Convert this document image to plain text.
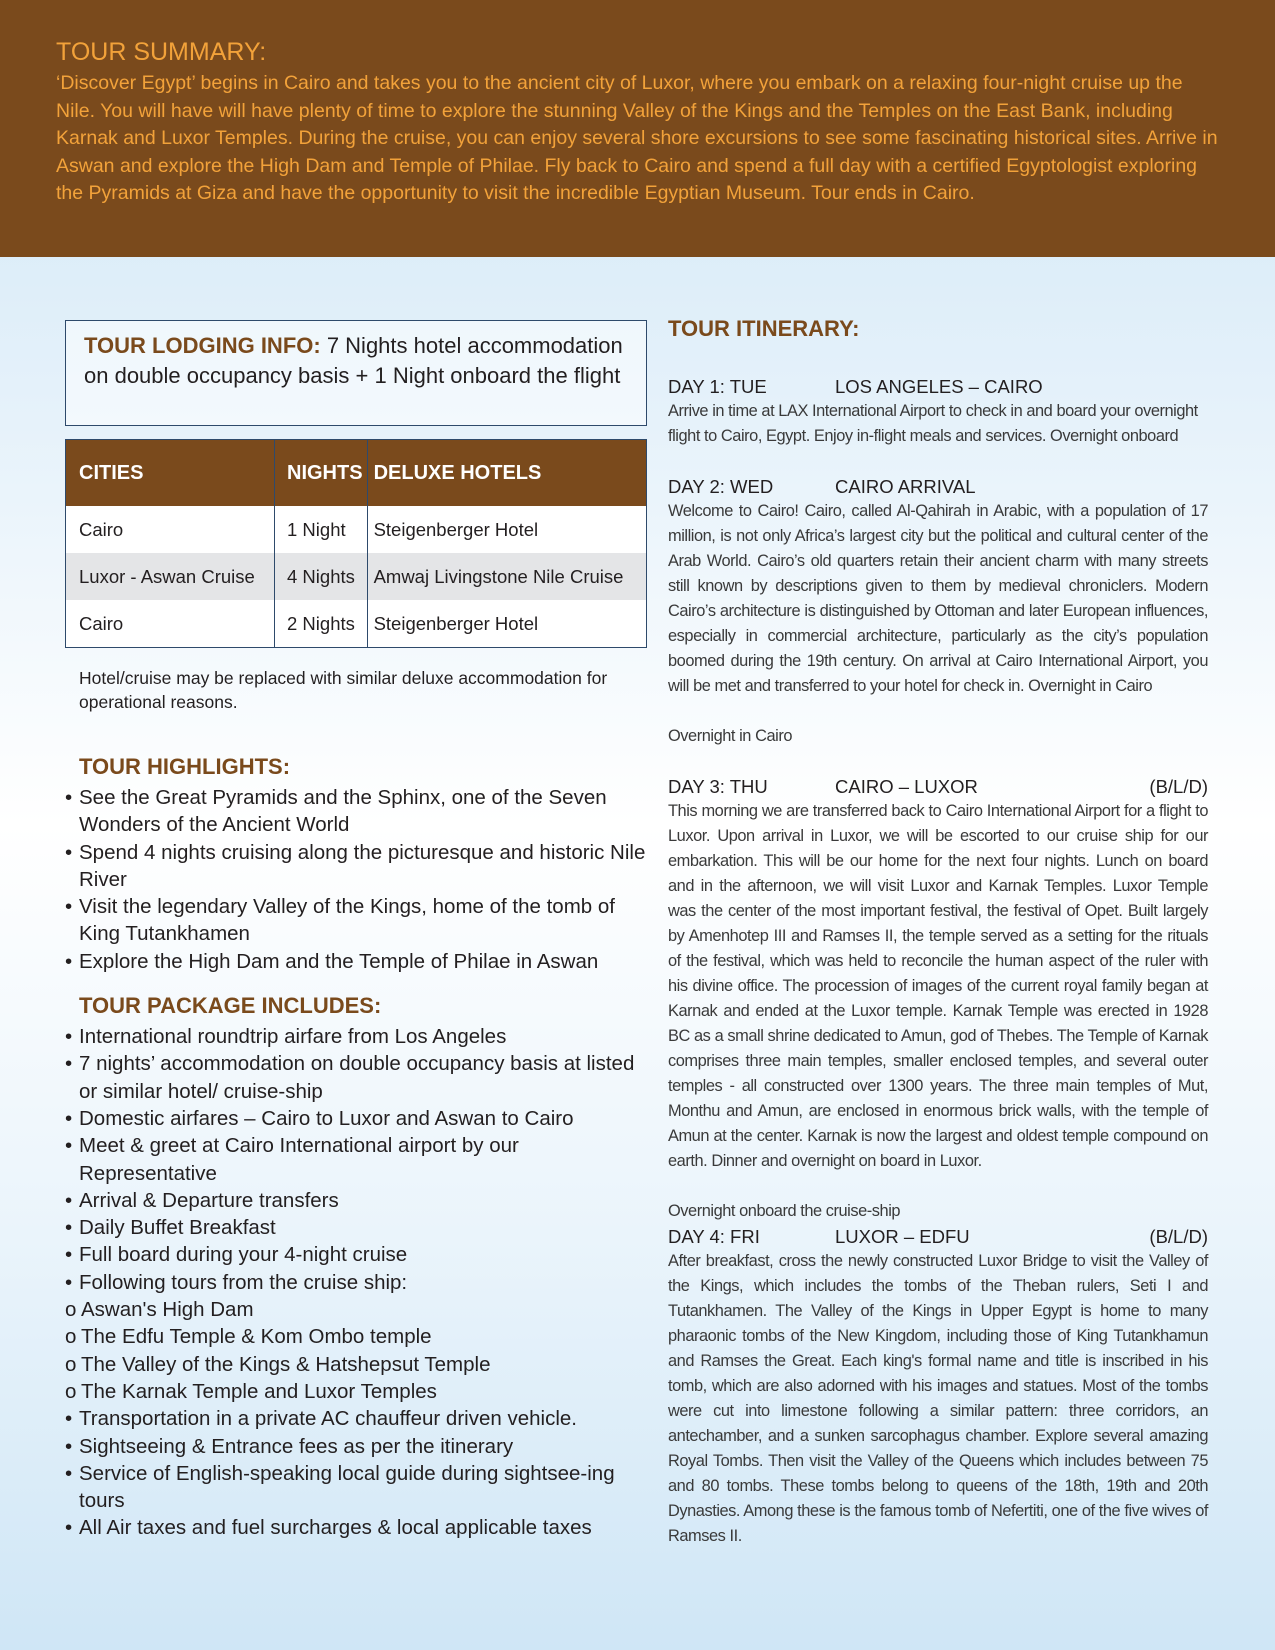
TOUR SUMMARY:

‘Discover Egypt’ begins in Cairo and takes you to the ancient city of Luxor, where you embark on a relaxing four-night cruise up the Nile. You will have will have plenty of time to explore the stunning Valley of the Kings and the Temples on the East Bank, including Karnak and Luxor Temples. During the cruise, you can enjoy several shore excursions to see some fascinating historical sites. Arrive in Aswan and explore the High Dam and Temple of Philae. Fly back to Cairo and spend a full day with a certified Egyptologist exploring the Pyramids at Giza and have the opportunity to visit the incredible Egyptian Museum. Tour ends in Cairo.

TOUR LODGING INFO: 7 Nights hotel accommodation on double occupancy basis + 1 Night onboard the flight
CITIES	NIGHTS	DELUXE HOTELS
Cairo	1 Night	Steigenberger Hotel
Luxor - Aswan Cruise	4 Nights	Amwaj Livingstone Nile Cruise
Cairo	2 Nights	Steigenberger Hotel

Hotel/cruise may be replaced with similar deluxe accommodation for operational reasons.

TOUR HIGHLIGHTS:
• See the Great Pyramids and the Sphinx, one of the Seven Wonders of the Ancient World
• Spend 4 nights cruising along the picturesque and historic Nile River
• Visit the legendary Valley of the Kings, home of the tomb of King Tutankhamen
• Explore the High Dam and the Temple of Philae in Aswan
TOUR PACKAGE INCLUDES:
• International roundtrip airfare from Los Angeles
• 7 nights’ accommodation on double occupancy basis at listed or similar hotel/ cruise-ship
• Domestic airfares – Cairo to Luxor and Aswan to Cairo
• Meet & greet at Cairo International airport by our Representative
• Arrival & Departure transfers
• Daily Buffet Breakfast
• Full board during your 4-night cruise
• Following tours from the cruise ship:
o Aswan's High Dam
o The Edfu Temple & Kom Ombo temple
o The Valley of the Kings & Hatshepsut Temple
o The Karnak Temple and Luxor Temples
• Transportation in a private AC chauffeur driven vehicle.
• Sightseeing & Entrance fees as per the itinerary
• Service of English-speaking local guide during sightsee-ing tours
• All Air taxes and fuel surcharges & local applicable taxes
TOUR ITINERARY:
DAY 1: TUE	LOS ANGELES – CAIRO

Arrive in time at LAX International Airport to check in and board your overnight flight to Cairo, Egypt. Enjoy in-flight meals and services. Overnight onboard

DAY 2: WED	CAIRO ARRIVAL

Welcome to Cairo! Cairo, called Al-Qahirah in Arabic, with a population of 17 million, is not only Africa’s largest city but the political and cultural center of the Arab World. Cairo’s old quarters retain their ancient charm with many streets still known by descriptions given to them by medieval chroniclers. Modern Cairo’s architecture is distinguished by Ottoman and later European influences, especially in commercial architecture, particularly as the city’s population boomed during the 19th century. On arrival at Cairo International Airport, you will be met and transferred to your hotel for check in. Overnight in Cairo

Overnight in Cairo

DAY 3: THU	CAIRO – LUXOR	(B/L/D)

This morning we are transferred back to Cairo International Airport for a flight to Luxor. Upon arrival in Luxor, we will be escorted to our cruise ship for our embarkation. This will be our home for the next four nights. Lunch on board and in the afternoon, we will visit Luxor and Karnak Temples. Luxor Temple was the center of the most important festival, the festival of Opet. Built largely by Amenhotep III and Ramses II, the temple served as a setting for the rituals of the festival, which was held to reconcile the human aspect of the ruler with his divine office. The procession of images of the current royal family began at Karnak and ended at the Luxor temple. Karnak Temple was erected in 1928 BC as a small shrine dedicated to Amun, god of Thebes. The Temple of Karnak comprises three main temples, smaller enclosed temples, and several outer temples - all constructed over 1300 years. The three main temples of Mut, Monthu and Amun, are enclosed in enormous brick walls, with the temple of Amun at the center. Karnak is now the largest and oldest temple compound on earth. Dinner and overnight on board in Luxor.

Overnight onboard the cruise-ship

DAY 4: FRI	LUXOR – EDFU	(B/L/D)

After breakfast, cross the newly constructed Luxor Bridge to visit the Valley of the Kings, which includes the tombs of the Theban rulers, Seti I and Tutankhamen. The Valley of the Kings in Upper Egypt is home to many pharaonic tombs of the New Kingdom, including those of King Tutankhamun and Ramses the Great. Each king's formal name and title is inscribed in his tomb, which are also adorned with his images and statues. Most of the tombs were cut into limestone following a similar pattern: three corridors, an antechamber, and a sunken sarcophagus chamber. Explore several amazing Royal Tombs. Then visit the Valley of the Queens which includes between 75 and 80 tombs. These tombs belong to queens of the 18th, 19th and 20th Dynasties. Among these is the famous tomb of Nefertiti, one of the five wives of Ramses II.
